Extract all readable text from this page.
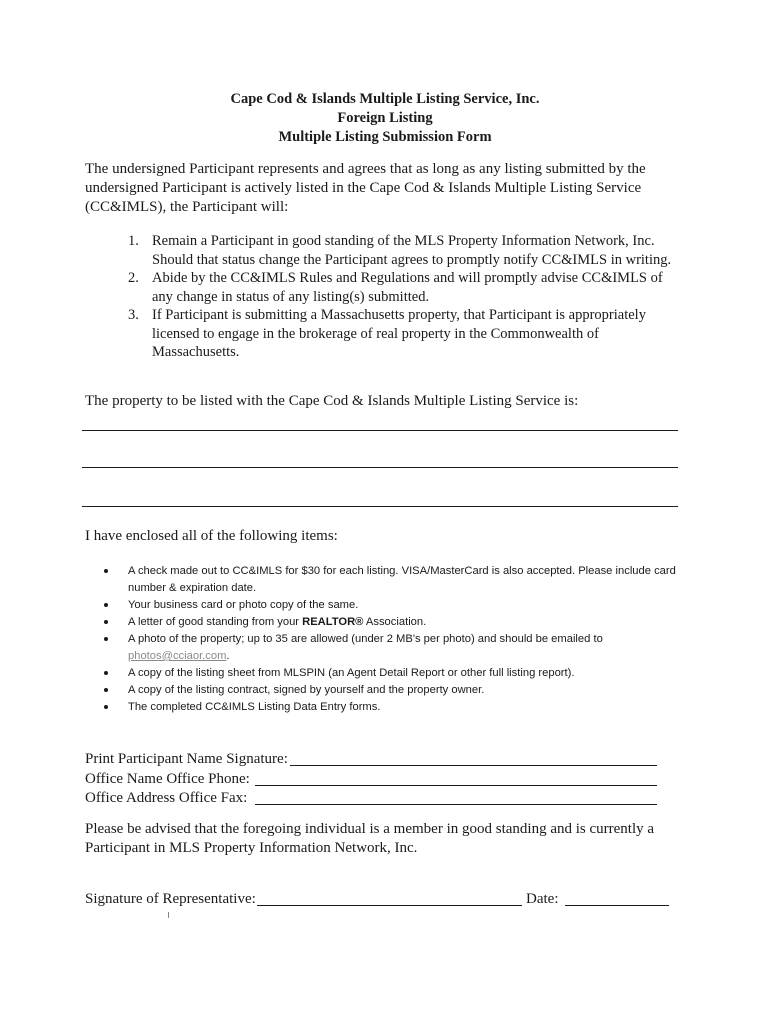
Cape Cod & Islands Multiple Listing Service, Inc.
Foreign Listing
Multiple Listing Submission Form
The undersigned Participant represents and agrees that as long as any listing submitted by the undersigned Participant is actively listed in the Cape Cod & Islands Multiple Listing Service (CC&IMLS), the Participant will:
1. Remain a Participant in good standing of the MLS Property Information Network, Inc. Should that status change the Participant agrees to promptly notify CC&IMLS in writing.
2. Abide by the CC&IMLS Rules and Regulations and will promptly advise CC&IMLS of any change in status of any listing(s) submitted.
3. If Participant is submitting a Massachusetts property, that Participant is appropriately licensed to engage in the brokerage of real property in the Commonwealth of Massachusetts.
The property to be listed with the Cape Cod & Islands Multiple Listing Service is:
I have enclosed all of the following items:
A check made out to CC&IMLS for $30 for each listing. VISA/MasterCard is also accepted. Please include card number & expiration date.
Your business card or photo copy of the same.
A letter of good standing from your REALTOR® Association.
A photo of the property; up to 35 are allowed (under 2 MB's per photo) and should be emailed to photos@cciaor.com.
A copy of the listing sheet from MLSPIN (an Agent Detail Report or other full listing report).
A copy of the listing contract, signed by yourself and the property owner.
The completed CC&IMLS Listing Data Entry forms.
Print Participant Name Signature:
Office Name Office Phone:
Office Address Office Fax:
Please be advised that the foregoing individual is a member in good standing and is currently a Participant in MLS Property Information Network, Inc.
Signature of Representative:	Date:
